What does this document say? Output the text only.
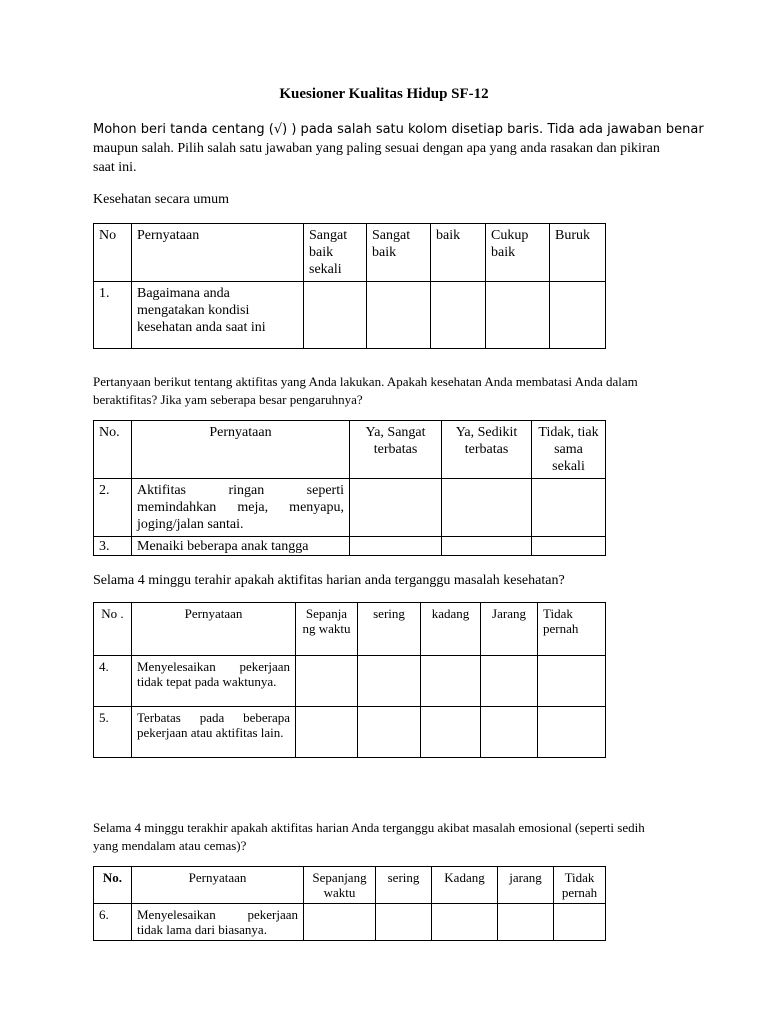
Kuesioner Kualitas Hidup SF-12
Mohon beri tanda centang (√) ) pada salah satu kolom disetiap baris. Tida ada jawaban benar
maupun salah. Pilih salah satu jawaban yang paling sesuai dengan apa yang anda rasakan dan pikiran saat ini.
Kesehatan secara umum
No	Pernyataan	Sangat baik sekali	Sangat baik	baik	Cukup baik	Buruk
1.	Bagaimana anda mengatakan kondisi kesehatan anda saat ini					
Pertanyaan berikut tentang aktifitas yang Anda lakukan. Apakah kesehatan Anda membatasi Anda dalam beraktifitas? Jika yam seberapa besar pengaruhnya?
No.	Pernyataan	Ya, Sangat terbatas	Ya, Sedikit terbatas	Tidak, tiak sama sekali
2.	Aktifitas ringan seperti memindahkan meja, menyapu, joging/jalan santai.			
3.	Menaiki beberapa anak tangga			
Selama 4 minggu terahir apakah aktifitas harian anda terganggu masalah kesehatan?
No .	Pernyataan	Sepanja ng waktu	sering	kadang	Jarang	Tidak pernah
4.	Menyelesaikan pekerjaan tidak tepat pada waktunya.					
5.	Terbatas pada beberapa pekerjaan atau aktifitas lain.					
Selama 4 minggu terakhir apakah aktifitas harian Anda terganggu akibat masalah emosional (seperti sedih yang mendalam atau cemas)?
No.	Pernyataan	Sepanjang waktu	sering	Kadang	jarang	Tidak pernah
6.	Menyelesaikan pekerjaan tidak lama dari biasanya.					
